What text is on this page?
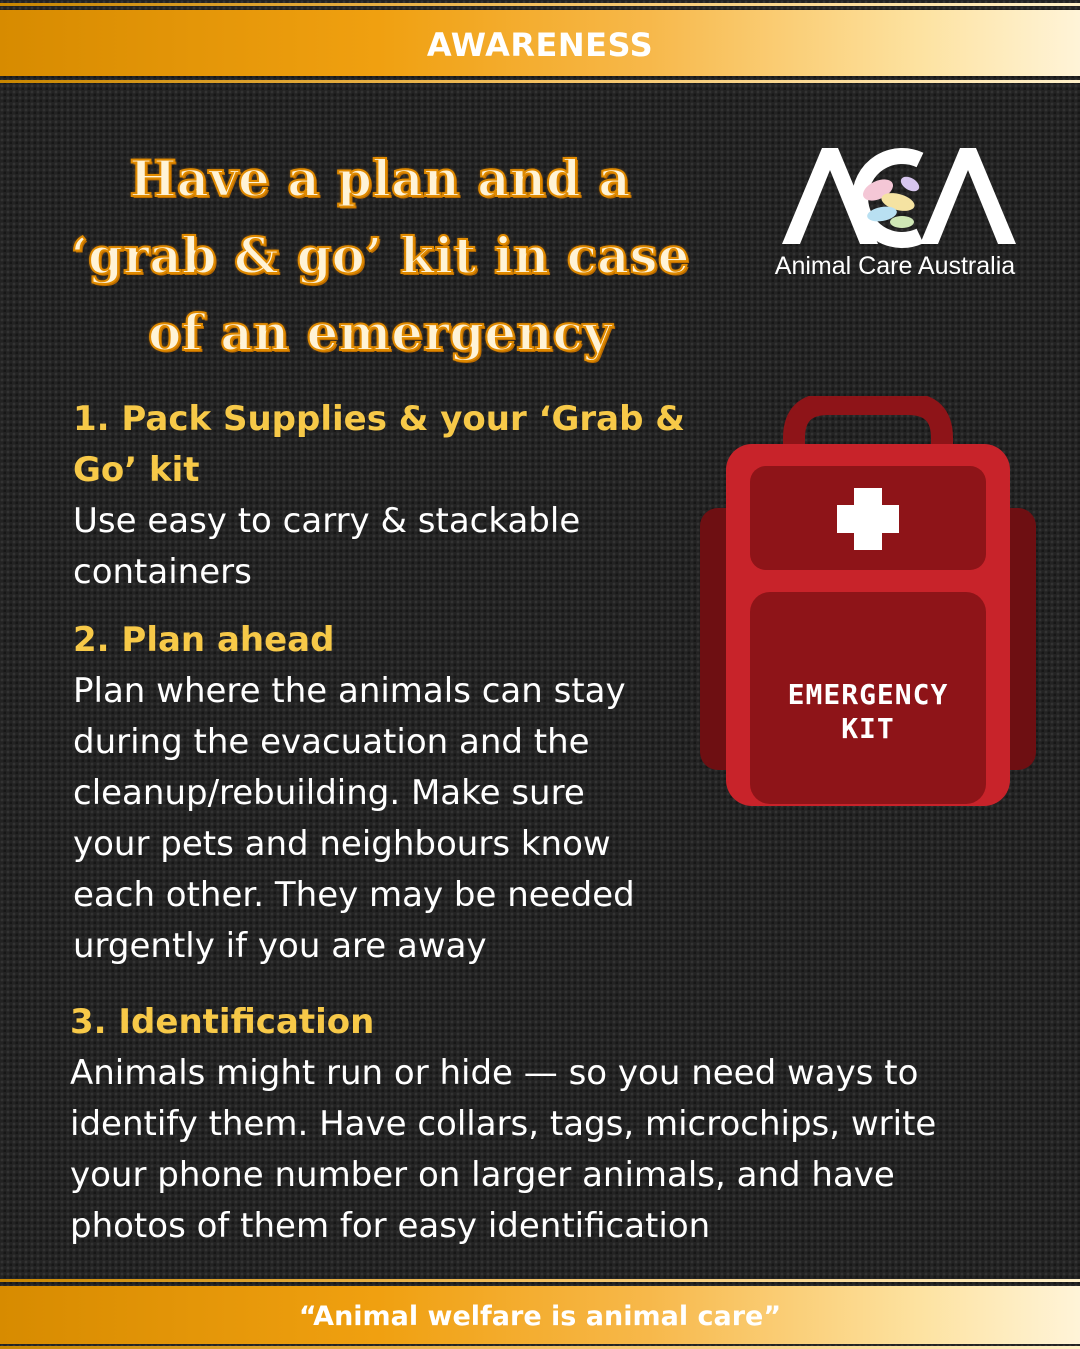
AWARENESS
Have a plan and a
‘grab & go’ kit in case
of an emergency
Animal Care Australia
1. Pack Supplies & your ‘Grab &
Go’ kit
Use easy to carry & stackable
containers
2. Plan ahead
Plan where the animals can stay
during the evacuation and the
cleanup/rebuilding. Make sure
your pets and neighbours know
each other. They may be needed
urgently if you are away
EMERGENCY
KIT
3. Identification
Animals might run or hide — so you need ways to
identify them. Have collars, tags, microchips, write
your phone number on larger animals, and have
photos of them for easy identification
“Animal welfare is animal care”
